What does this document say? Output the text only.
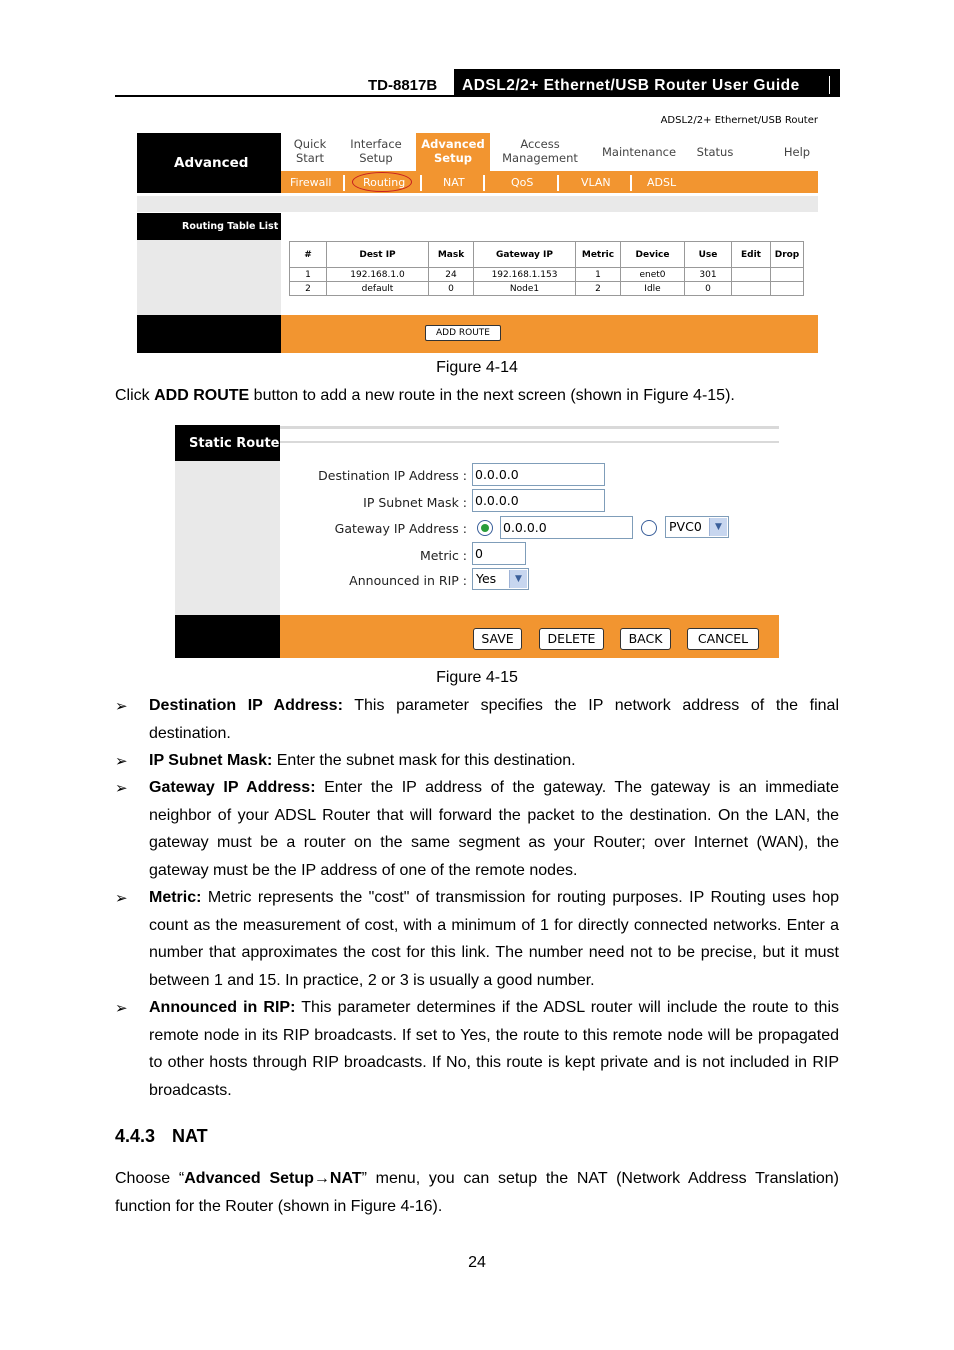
TD-8817B	ADSL2/2+ Ethernet/USB Router User Guide
ADSL2/2+ Ethernet/USB Router
Advanced
Quick
Start
Interface
Setup
Advanced
Setup
Access
Management	Maintenance	Status	Help
Firewall	Routing	NAT	QoS	VLAN	ADSL
Routing Table List
#	Dest IP	Mask	Gateway IP	Metric	Device	Use	Edit	Drop
1	192.168.1.0	24	192.168.1.153	1	enet0	301		
2	default	0	Node1	2	Idle	0		
ADD ROUTE
Figure 4-14
Click ADD ROUTE button to add a new route in the next screen (shown in Figure 4-15).
Static Route
Destination IP Address : 0.0.0.0
IP Subnet Mask : 0.0.0.0
Gateway IP Address :	0.0.0.0	PVC0	▼
Metric : 0
Announced in RIP : Yes	▼
SAVE	DELETE	BACK	CANCEL
Figure 4-15
➢ Destination IP Address: This parameter specifies the IP network address of the final destination.
➢ IP Subnet Mask: Enter the subnet mask for this destination.
➢ Gateway IP Address: Enter the IP address of the gateway. The gateway is an immediate neighbor of your ADSL Router that will forward the packet to the destination. On the LAN, the gateway must be a router on the same segment as your Router; over Internet (WAN), the gateway must be the IP address of one of the remote nodes.
➢ Metric: Metric represents the "cost" of transmission for routing purposes. IP Routing uses hop count as the measurement of cost, with a minimum of 1 for directly connected networks. Enter a number that approximates the cost for this link. The number need not to be precise, but it must between 1 and 15. In practice, 2 or 3 is usually a good number.
➢ Announced in RIP: This parameter determines if the ADSL router will include the route to this remote node in its RIP broadcasts. If set to Yes, the route to this remote node will be propagated to other hosts through RIP broadcasts. If No, this route is kept private and is not included in RIP broadcasts.
4.4.3 NAT
Choose “Advanced Setup→NAT” menu, you can setup the NAT (Network Address Translation) function for the Router (shown in Figure 4-16).
24
